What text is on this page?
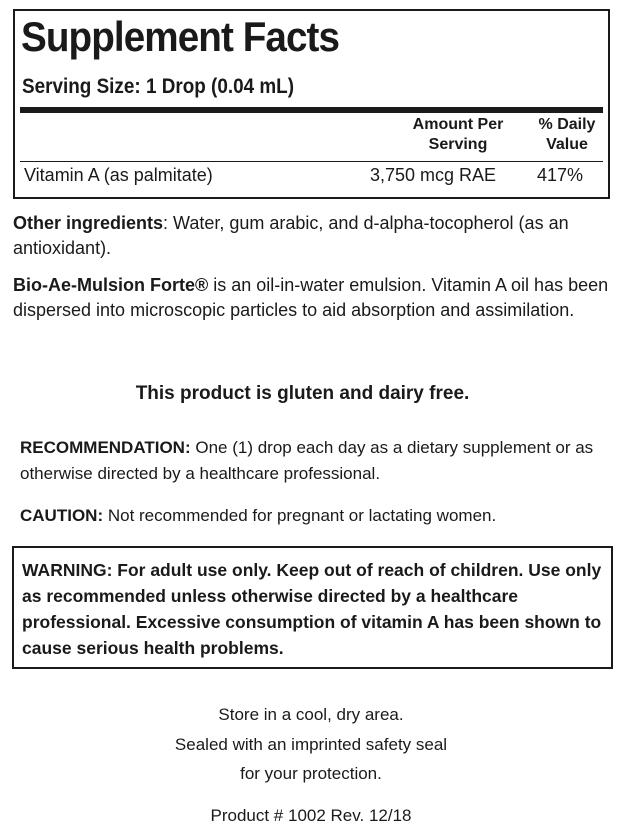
Supplement Facts
Serving Size: 1 Drop (0.04 mL)
Amount Per
Serving
% Daily
Value
Vitamin A (as palmitate)	3,750 mcg RAE 417%
Other ingredients: Water, gum arabic, and d-alpha-tocopherol (as an antioxidant).
Bio-Ae-Mulsion Forte® is an oil-in-water emulsion. Vitamin A oil has been dispersed into microscopic particles to aid absorption and assimilation.
This product is gluten and dairy free.
RECOMMENDATION: One (1) drop each day as a dietary supplement or as otherwise directed by a healthcare professional.
CAUTION: Not recommended for pregnant or lactating women.
WARNING: For adult use only. Keep out of reach of children. Use only as recommended unless otherwise directed by a healthcare professional. Excessive consumption of vitamin A has been shown to cause serious health problems.
Store in a cool, dry area.
Sealed with an imprinted safety seal
for your protection.
Product # 1002 Rev. 12/18
